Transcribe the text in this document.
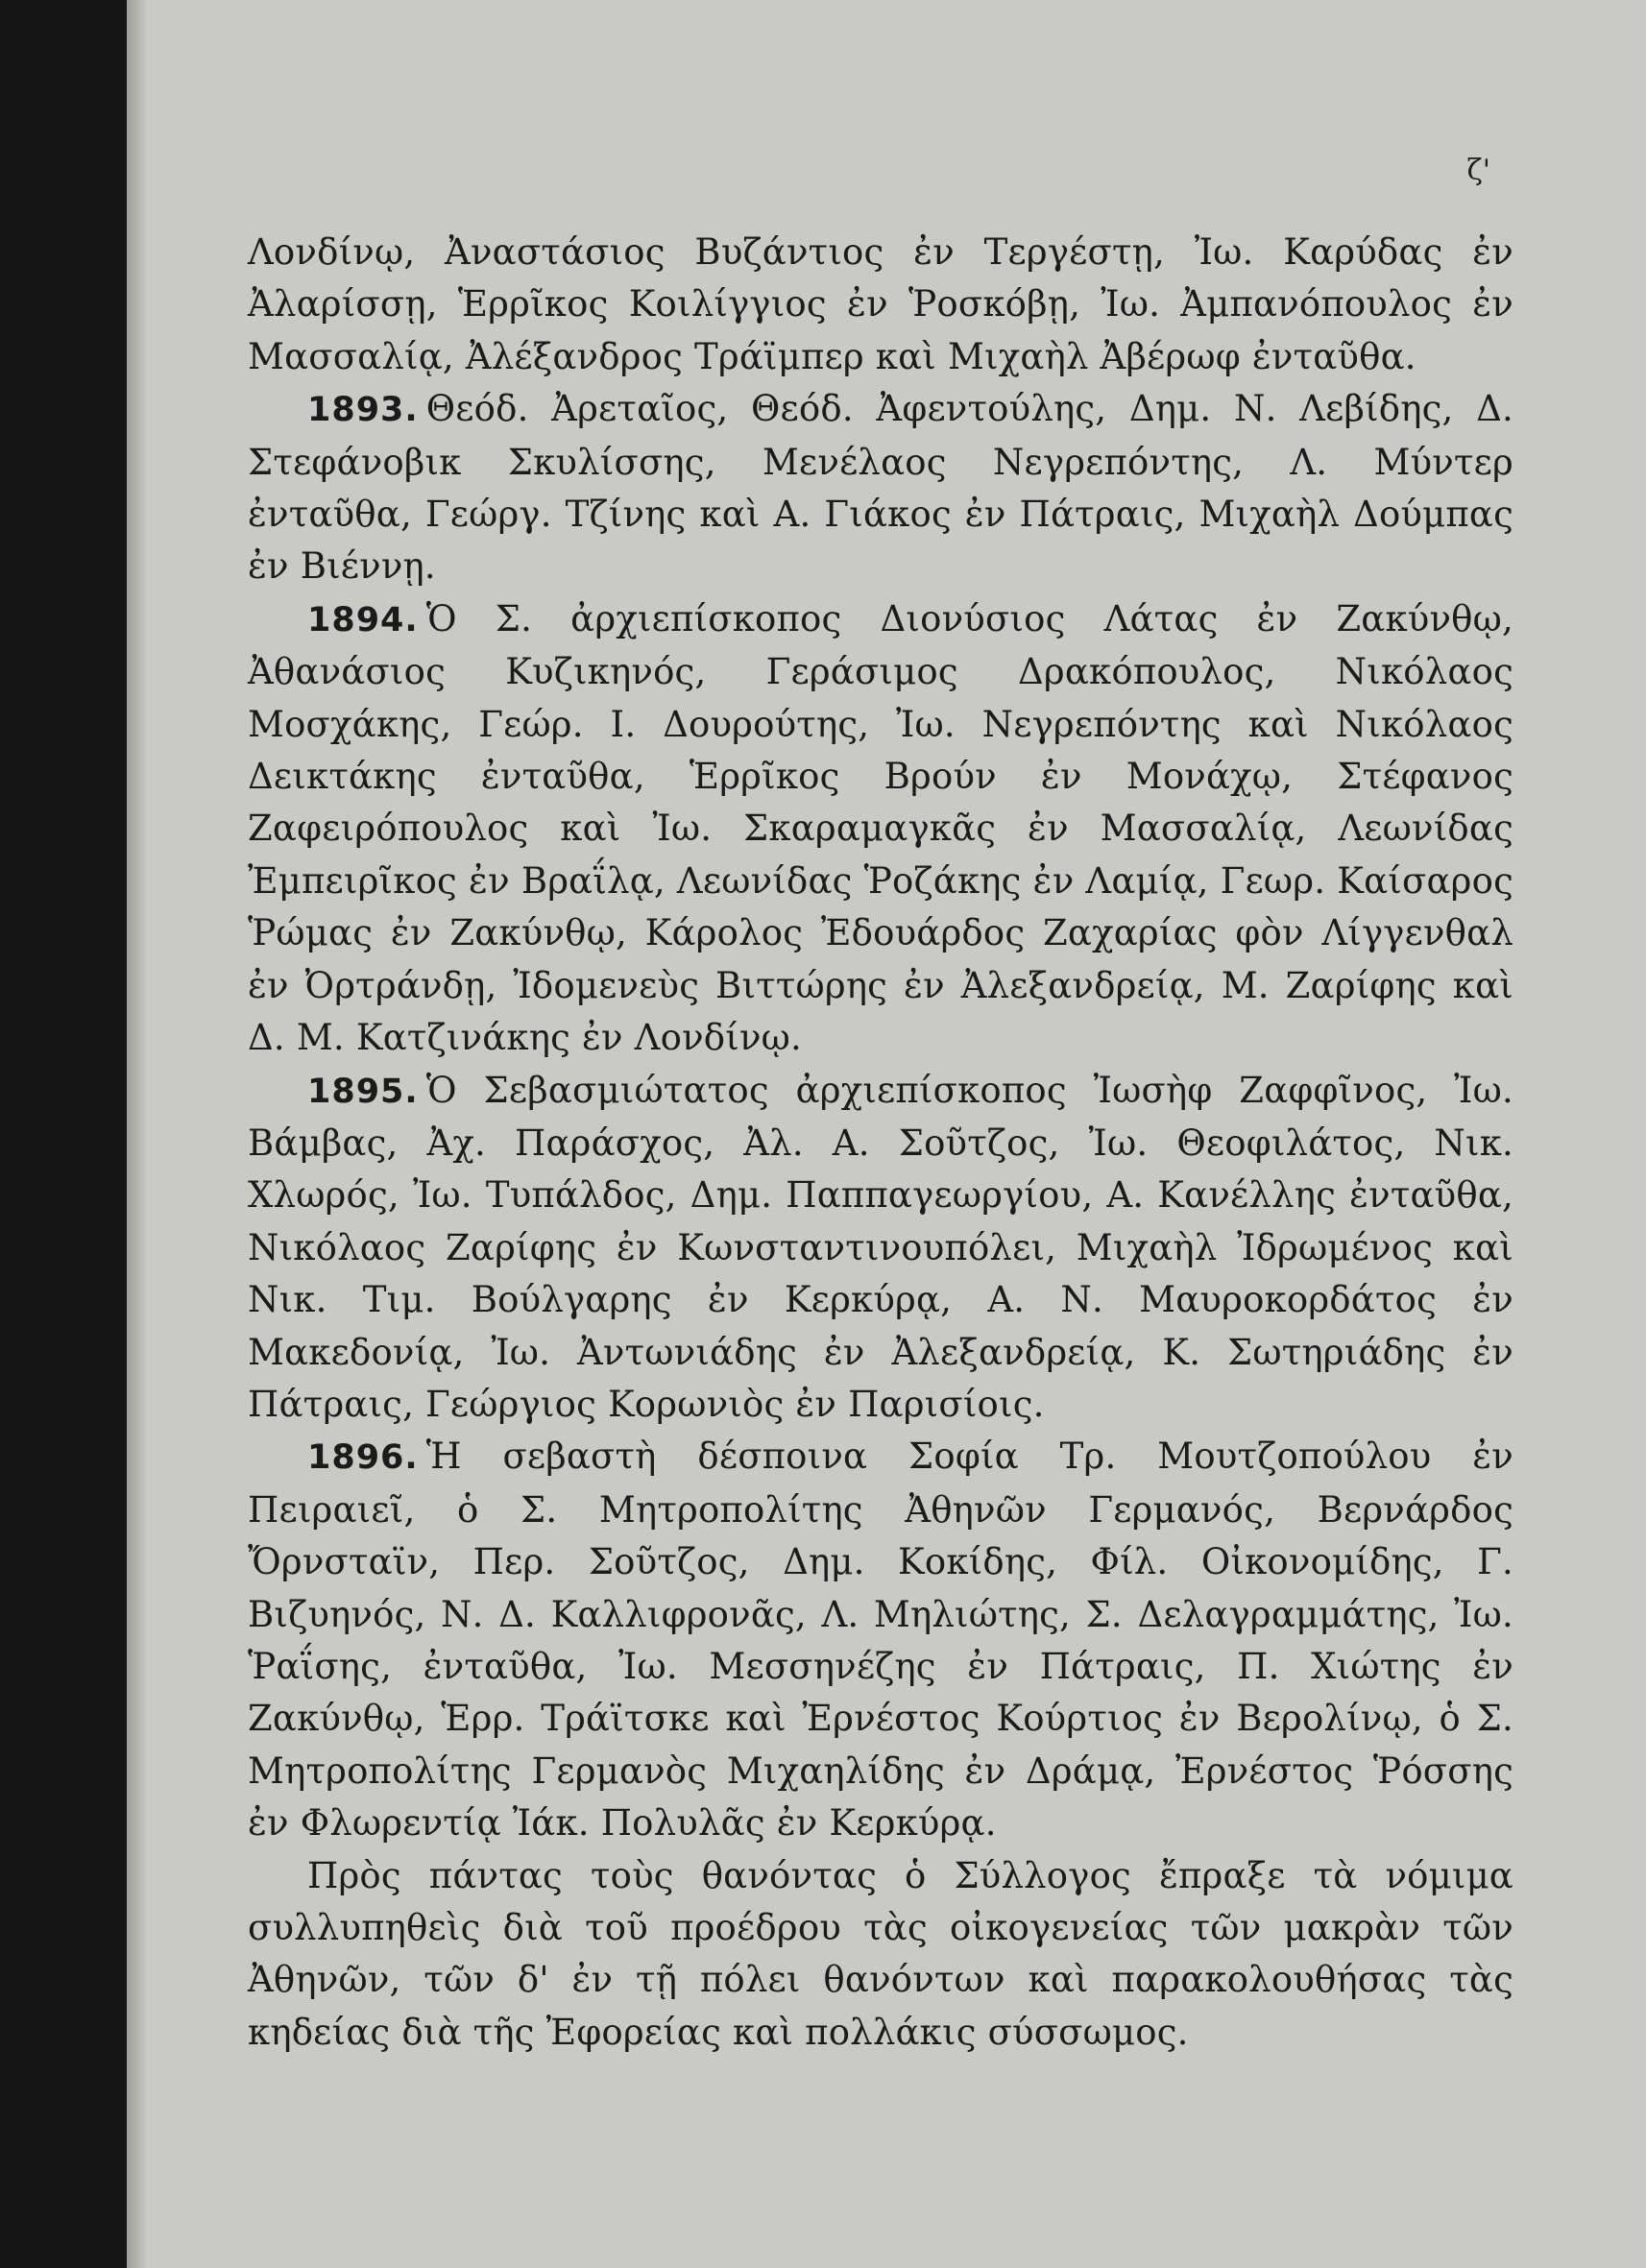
ζ'

Λονδίνῳ, Ἀναστάσιος Βυζάντιος ἐν Τεργέστῃ, Ἰω. Καρύδας ἐν Ἀλαρίσσῃ, Ἑρρῖκος Κοιλίγγιος ἐν Ῥοσκόβῃ, Ἰω. Ἀμπανόπουλος ἐν Μασσαλίᾳ, Ἀλέξανδρος Τράϊμπερ καὶ Μιχαὴλ Ἀβέρωφ ἐνταῦθα.

1893. Θεόδ. Ἀρεταῖος, Θεόδ. Ἀφεντούλης, Δημ. Ν. Λεβίδης, Δ. Στεφάνοβικ Σκυλίσσης, Μενέλαος Νεγρεπόντης, Λ. Μύντερ ἐνταῦθα, Γεώργ. Τζίνης καὶ Α. Γιάκος ἐν Πάτραις, Μιχαὴλ Δούμπας ἐν Βιέννῃ.

1894. Ὁ Σ. ἀρχιεπίσκοπος Διονύσιος Λάτας ἐν Ζακύνθῳ, Ἀθανάσιος Κυζικηνός, Γεράσιμος Δρακόπουλος, Νικόλαος Μοσχάκης, Γεώρ. Ι. Δουρούτης, Ἰω. Νεγρεπόντης καὶ Νικόλαος Δεικτάκης ἐνταῦθα, Ἑρρῖκος Βρούν ἐν Μονάχῳ, Στέφανος Ζαφειρόπουλος καὶ Ἰω. Σκαραμαγκᾶς ἐν Μασσαλίᾳ, Λεωνίδας Ἐμπειρῖκος ἐν Βραΐλᾳ, Λεωνίδας Ῥοζάκης ἐν Λαμίᾳ, Γεωρ. Καίσαρος Ῥώμας ἐν Ζακύνθῳ, Κάρολος Ἐδουάρδος Ζαχαρίας φὸν Λίγγενθαλ ἐν Ὀρτράνδῃ, Ἰδομενεὺς Βιττώρης ἐν Ἀλεξανδρείᾳ, Μ. Ζαρίφης καὶ Δ. Μ. Κατζινάκης ἐν Λονδίνῳ.

1895. Ὁ Σεβασμιώτατος ἀρχιεπίσκοπος Ἰωσὴφ Ζαφφῖνος, Ἰω. Βάμβας, Ἀχ. Παράσχος, Ἀλ. Α. Σοῦτζος, Ἰω. Θεοφιλάτος, Νικ. Χλωρός, Ἰω. Τυπάλδος, Δημ. Παππαγεωργίου, Α. Κανέλλης ἐνταῦθα, Νικόλαος Ζαρίφης ἐν Κωνσταντινουπόλει, Μιχαὴλ Ἰδρωμένος καὶ Νικ. Τιμ. Βούλγαρης ἐν Κερκύρᾳ, Α. Ν. Μαυροκορδάτος ἐν Μακεδονίᾳ, Ἰω. Ἀντωνιάδης ἐν Ἀλεξανδρείᾳ, Κ. Σωτηριάδης ἐν Πάτραις, Γεώργιος Κορωνιὸς ἐν Παρισίοις.

1896. Ἡ σεβαστὴ δέσποινα Σοφία Τρ. Μουτζοπούλου ἐν Πειραιεῖ, ὁ Σ. Μητροπολίτης Ἀθηνῶν Γερμανός, Βερνάρδος Ὄρνσταϊν, Περ. Σοῦτζος, Δημ. Κοκίδης, Φίλ. Οἰκονομίδης, Γ. Βιζυηνός, Ν. Δ. Καλλιφρονᾶς, Λ. Μηλιώτης, Σ. Δελαγραμμάτης, Ἰω. Ῥαΐσης, ἐνταῦθα, Ἰω. Μεσσηνέζης ἐν Πάτραις, Π. Χιώτης ἐν Ζακύνθῳ, Ἑρρ. Τράϊτσκε καὶ Ἐρνέστος Κούρτιος ἐν Βερολίνῳ, ὁ Σ. Μητροπολίτης Γερμανὸς Μιχαηλίδης ἐν Δράμᾳ, Ἐρνέστος Ῥόσσης ἐν Φλωρεντίᾳ Ἰάκ. Πολυλᾶς ἐν Κερκύρᾳ.

Πρὸς πάντας τοὺς θανόντας ὁ Σύλλογος ἔπραξε τὰ νόμιμα συλλυπηθεὶς διὰ τοῦ προέδρου τὰς οἰκογενείας τῶν μακρὰν τῶν Ἀθηνῶν, τῶν δ' ἐν τῇ πόλει θανόντων καὶ παρακολουθήσας τὰς κηδείας διὰ τῆς Ἐφορείας καὶ πολλάκις σύσσωμος.
